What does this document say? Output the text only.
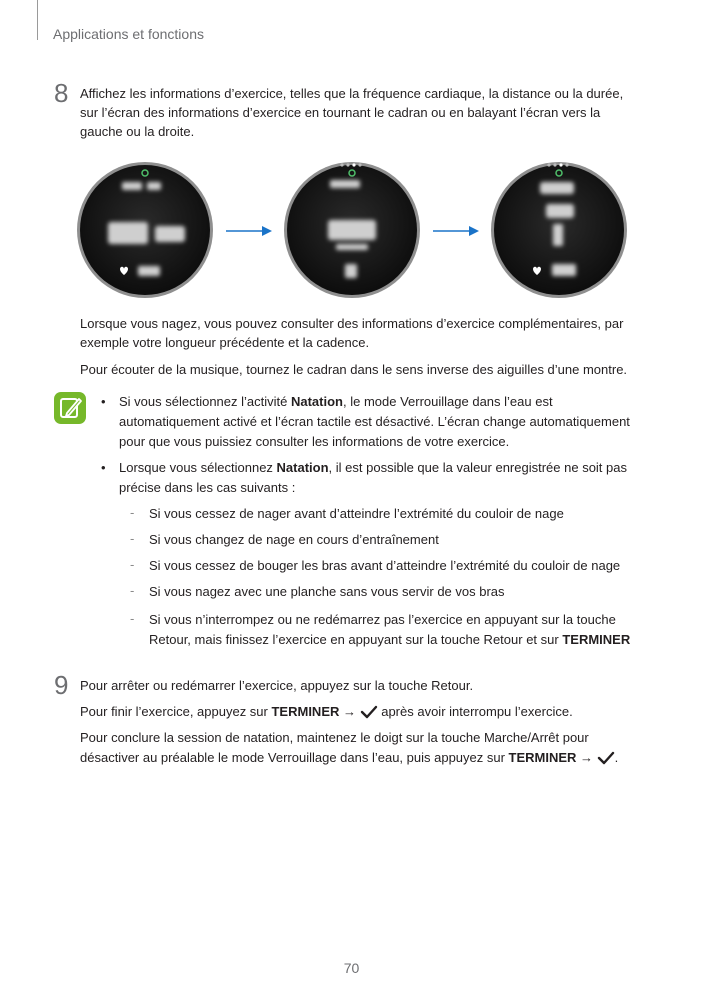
Applications et fonctions
8 Affichez les informations d’exercice, telles que la fréquence cardiaque, la distance ou la durée,

sur l’écran des informations d’exercice en tournant le cadran ou en balayant l’écran vers la

gauche ou la droite.

Lorsque vous nagez, vous pouvez consulter des informations d’exercice complémentaires, par

exemple votre longueur précédente et la cadence.

Pour écouter de la musique, tournez le cadran dans le sens inverse des aiguilles d’une montre.

• Si vous sélectionnez l’activité Natation, le mode Verrouillage dans l’eau est

automatiquement activé et l’écran tactile est désactivé. L’écran change automatiquement

pour que vous puissiez consulter les informations de votre exercice.

• Lorsque vous sélectionnez Natation, il est possible que la valeur enregistrée ne soit pas

précise dans les cas suivants :

- Si vous cessez de nager avant d’atteindre l’extrémité du couloir de nage

- Si vous changez de nage en cours d’entraînement

- Si vous cessez de bouger les bras avant d’atteindre l’extrémité du couloir de nage

- Si vous nagez avec une planche sans vous servir de vos bras

- Si vous n’interrompez ou ne redémarrez pas l’exercice en appuyant sur la touche

Retour, mais finissez l’exercice en appuyant sur la touche Retour et sur TERMINER

9 Pour arrêter ou redémarrer l’exercice, appuyez sur la touche Retour.

Pour finir l’exercice, appuyez sur TERMINER →  après avoir interrompu l’exercice.

Pour conclure la session de natation, maintenez le doigt sur la touche Marche/Arrêt pour

désactiver au préalable le mode Verrouillage dans l’eau, puis appuyez sur TERMINER → .

70
